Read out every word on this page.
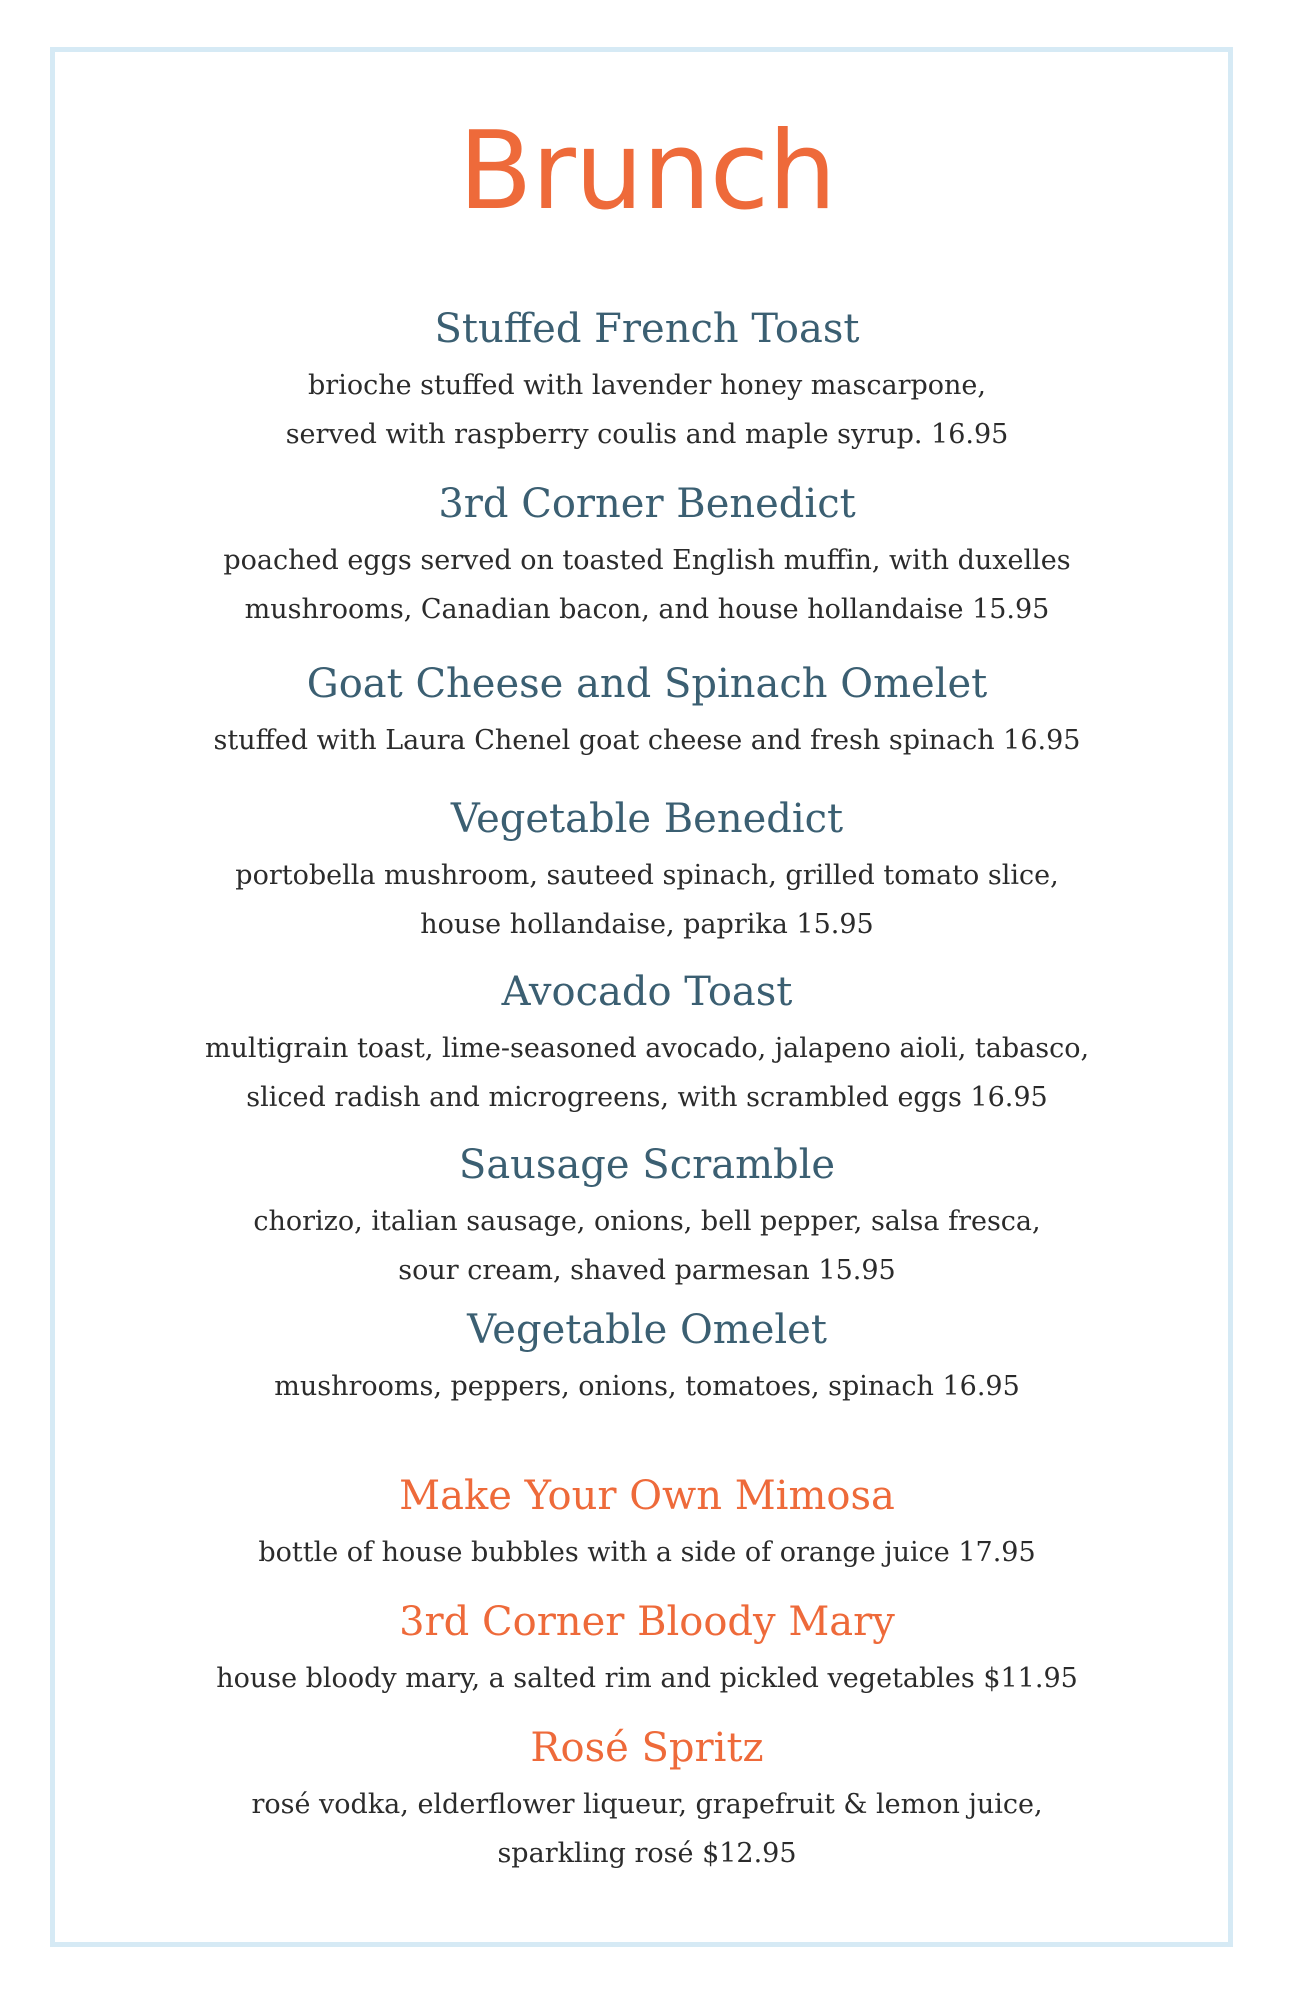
Brunch
Stuffed French Toast
brioche stuffed with lavender honey mascarpone,
served with raspberry coulis and maple syrup. 16.95
3rd Corner Benedict
poached eggs served on toasted English muffin, with duxelles
mushrooms, Canadian bacon, and house hollandaise 15.95
Goat Cheese and Spinach Omelet
stuffed with Laura Chenel goat cheese and fresh spinach 16.95
Vegetable Benedict
portobella mushroom, sauteed spinach, grilled tomato slice,
house hollandaise, paprika 15.95
Avocado Toast
multigrain toast, lime-seasoned avocado, jalapeno aioli, tabasco,
sliced radish and microgreens, with scrambled eggs 16.95
Sausage Scramble
chorizo, italian sausage, onions, bell pepper, salsa fresca,
sour cream, shaved parmesan 15.95
Vegetable Omelet
mushrooms, peppers, onions, tomatoes, spinach 16.95
Make Your Own Mimosa
bottle of house bubbles with a side of orange juice 17.95
3rd Corner Bloody Mary
house bloody mary, a salted rim and pickled vegetables $11.95
Rosé Spritz
rosé vodka, elderflower liqueur, grapefruit & lemon juice,
sparkling rosé $12.95
